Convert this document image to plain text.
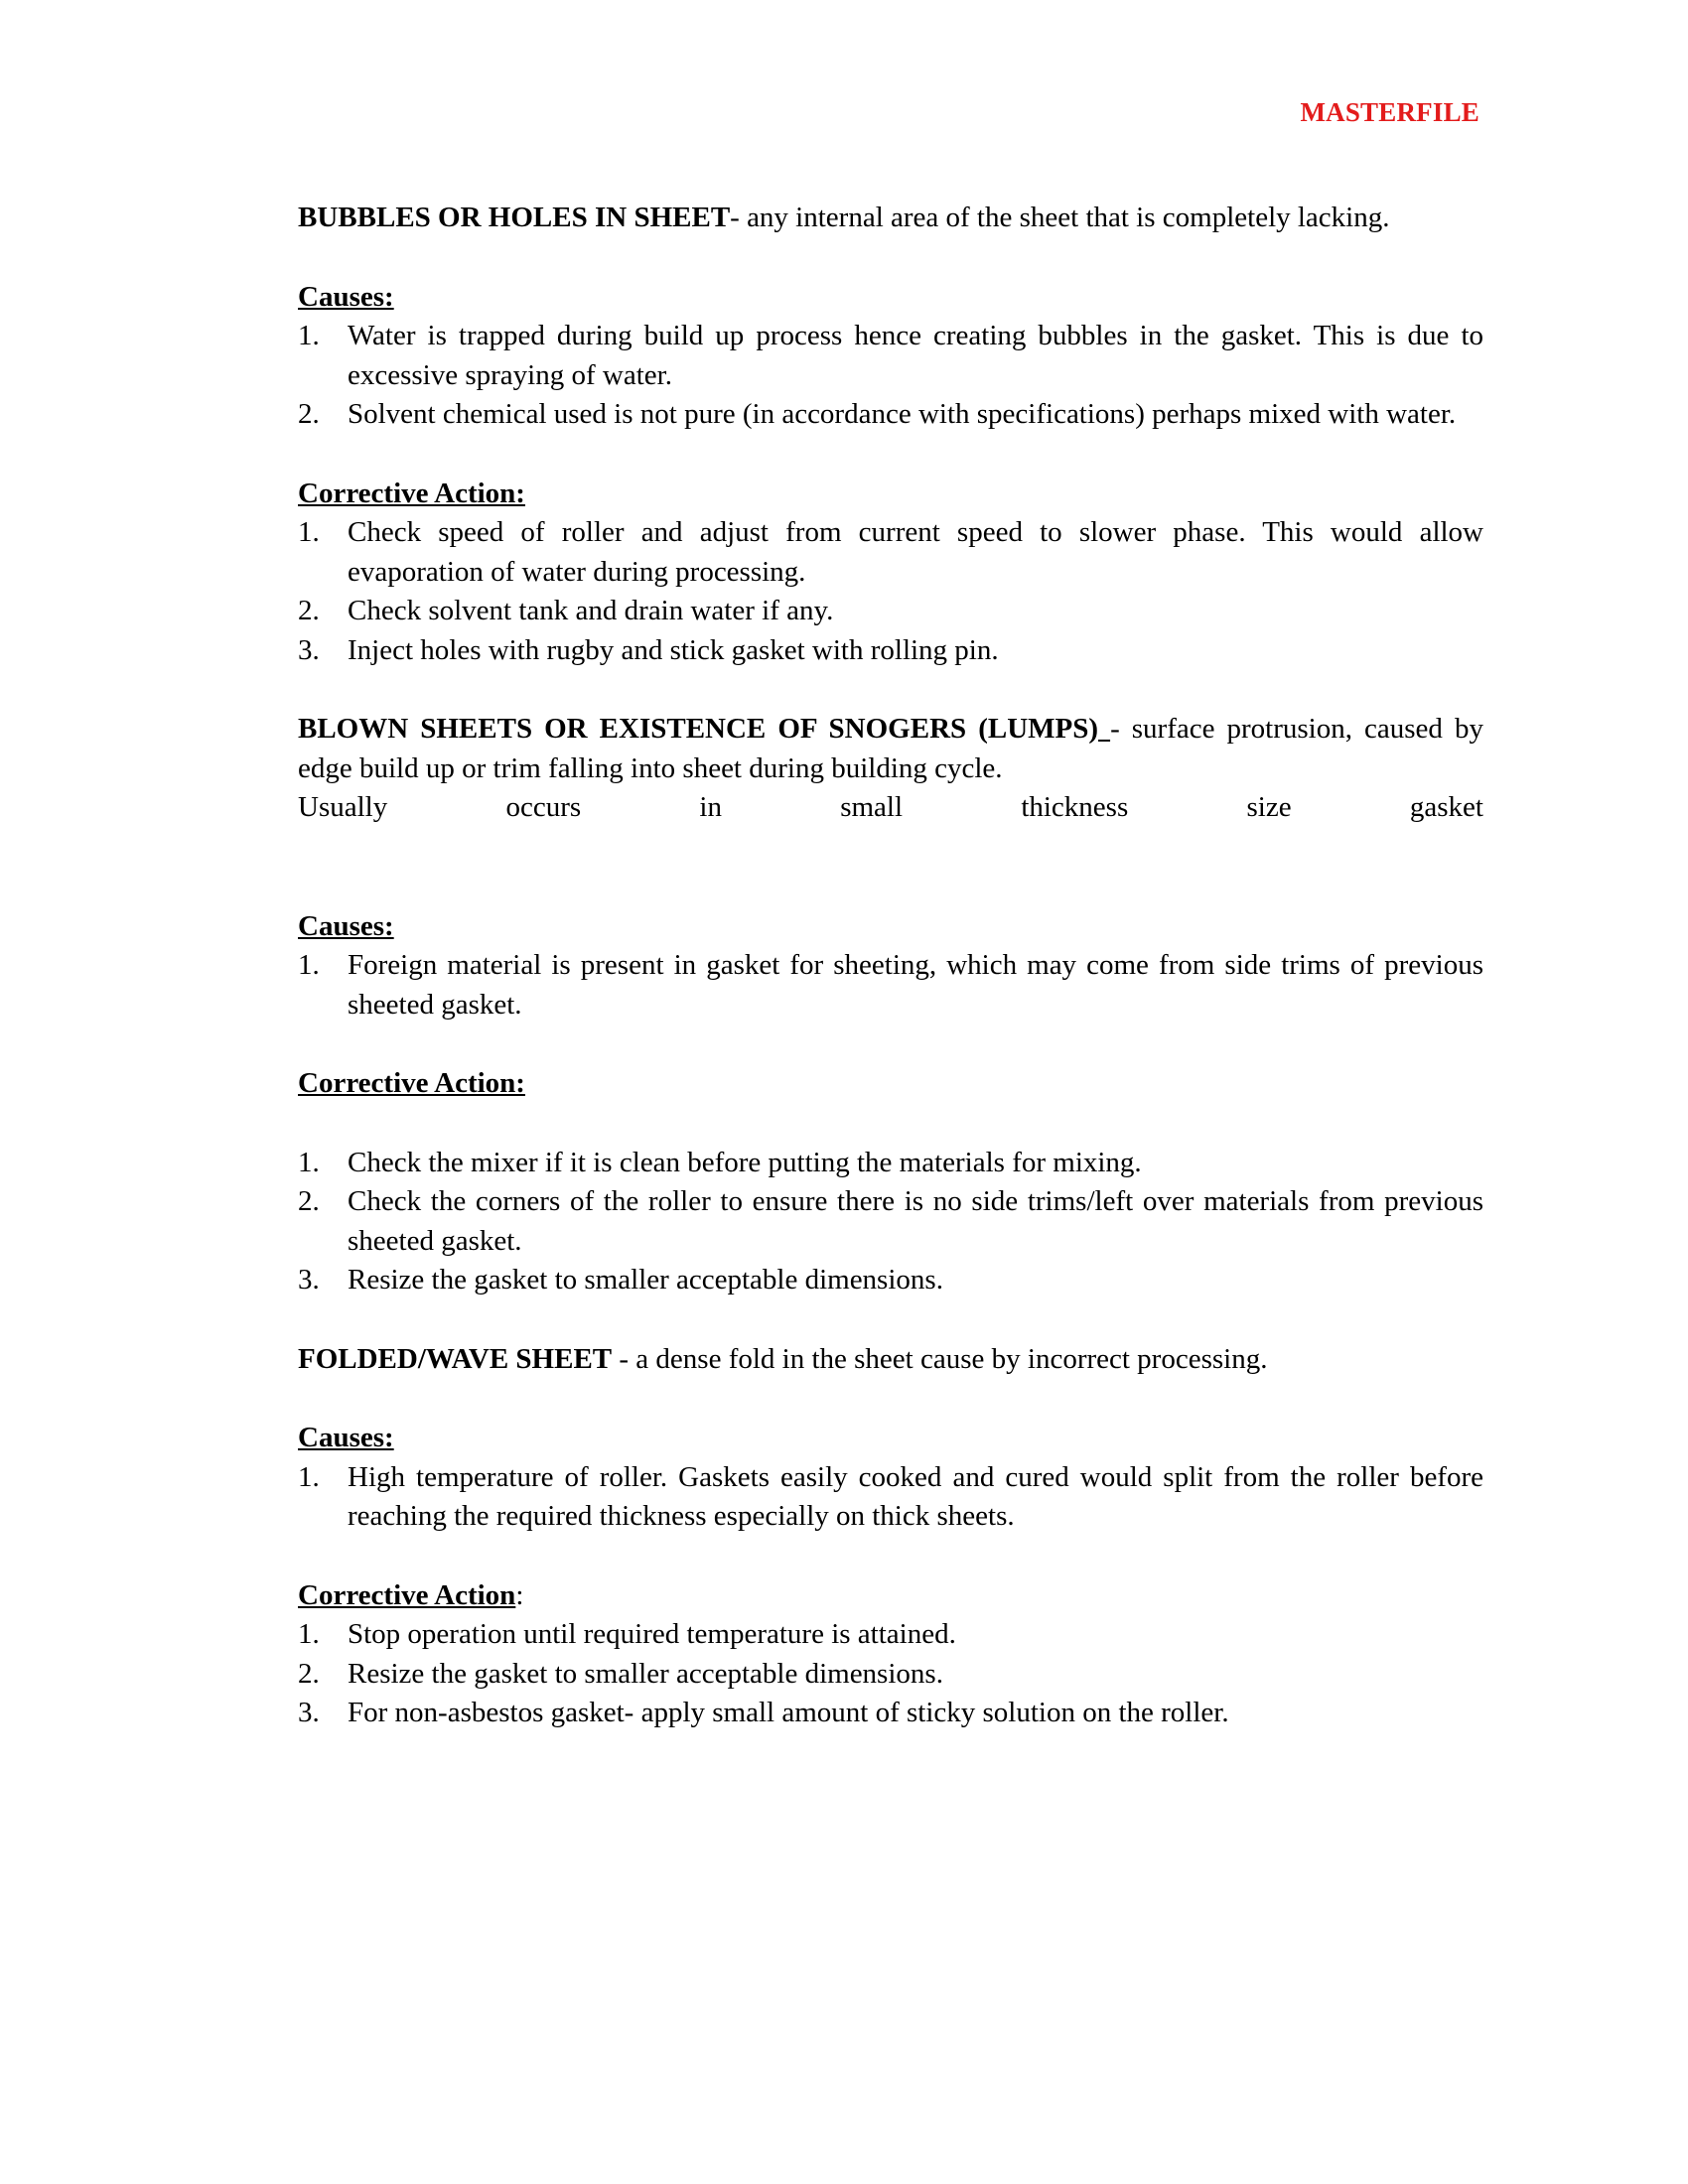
MASTERFILE

BUBBLES OR HOLES IN SHEET- any internal area of the sheet that is completely lacking.

Causes:

1. Water is trapped during build up process hence creating bubbles in the gasket. This is due to excessive spraying of water.
2. Solvent chemical used is not pure (in accordance with specifications) perhaps mixed with water.

Corrective Action:

1. Check speed of roller and adjust from current speed to slower phase. This would allow evaporation of water during processing.
2. Check solvent tank and drain water if any.
3. Inject holes with rugby and stick gasket with rolling pin.

BLOWN SHEETS OR EXISTENCE OF SNOGERS (LUMPS) - surface protrusion, caused by edge build up or trim falling into sheet during building cycle.

Usually	occurs	in	small	thickness	size	gasket

Causes:

1. Foreign material is present in gasket for sheeting, which may come from side trims of previous sheeted gasket.

Corrective Action:

1. Check the mixer if it is clean before putting the materials for mixing.
2. Check the corners of the roller to ensure there is no side trims/left over materials from previous sheeted gasket.
3. Resize the gasket to smaller acceptable dimensions.

FOLDED/WAVE SHEET - a dense fold in the sheet cause by incorrect processing.

Causes:

1. High temperature of roller. Gaskets easily cooked and cured would split from the roller before reaching the required thickness especially on thick sheets.

Corrective Action:

1. Stop operation until required temperature is attained.
2. Resize the gasket to smaller acceptable dimensions.
3. For non-asbestos gasket- apply small amount of sticky solution on the roller.
